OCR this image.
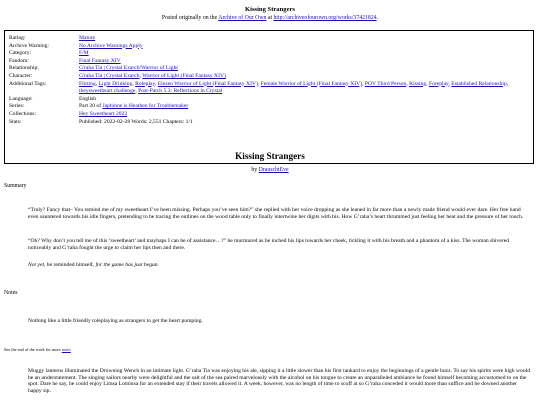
Kissing Strangers
Posted originally on the Archive of Our Own at http://archiveofourown.org/works/37421824.
Rating:	Mature
Archive Warning:	No Archive Warnings Apply
Category:	F/M
Fandom:	Final Fantasy XIV
Relationship:	G'raha Tia | Crystal Exarch/Warrior of Light
Character:	G'raha Tia | Crystal Exarch, Warrior of Light (Final Fantasy XIV)
Additional Tags:	Flirting, Light Drinking, Roleplay, Elezen Warrior of Light (Final Fantasy XIV), Female Warrior of Light (Final Fantasy XIV), POV Third Person, Kissing, Foreplay, Established Relationship, theysweetheart challenge, Post-Patch 5.3: Reflections in Crystal
Language:	English
Series:	Part 20 of Japhinne is Heathen for Troublemaker
Collections:	Hey Sweetheart 2022
Stats:	Published: 2022-02-28 Words: 2,551 Chapters: 1/1
Kissing Strangers
by DrauschtEve
Summary

“Truly? Fancy that– You remind me of my sweetheart I’ve been missing. Perhaps you’ve seen him?” she replied with her voice dropping as she leaned in far more than a newly made friend would ever dare. Her free hand even sauntered towards his idle fingers, pretending to be tracing the outlines on the wood table only to finally intertwine her digits with his. How G’raha’s heart thrummed just feeling her heat and the pressure of her touch.

“Oh? Why don’t you tell me of this ‘sweetheart’ and mayhaps I can be of assistance…?” he murmured as he inched his lips towards her cheek, tickling it with his breath and a phantom of a kiss. The woman shivered noticeably and G’raha fought the urge to claim her lips then and there.

Not yet, he reminded himself, for the game has just begun.

Notes

Nothing like a little friendly roleplaying as strangers to get the heart pumping.

See the end of the work for more notes

Muggy lanterns illuminated the Drowning Wench in an intimate light. G’raha Tia was enjoying his ale, sipping it a little slower than his first tankard to enjoy the beginnings of a gentle buzz. To say his spirits were high would be an understatement. The singing sailors nearby were delightful and the salt of the sea paired marvelously with the alcohol on his tongue to create an unparalleled ambiance he found himself becoming accustomed to on the spot. Dare he say, he could enjoy Limsa Lominsa for an extended stay if their travels allowed it. A week, however, was no length of time to scoff at so G’raha conceded it would more than suffice and he downed another happy sip.
